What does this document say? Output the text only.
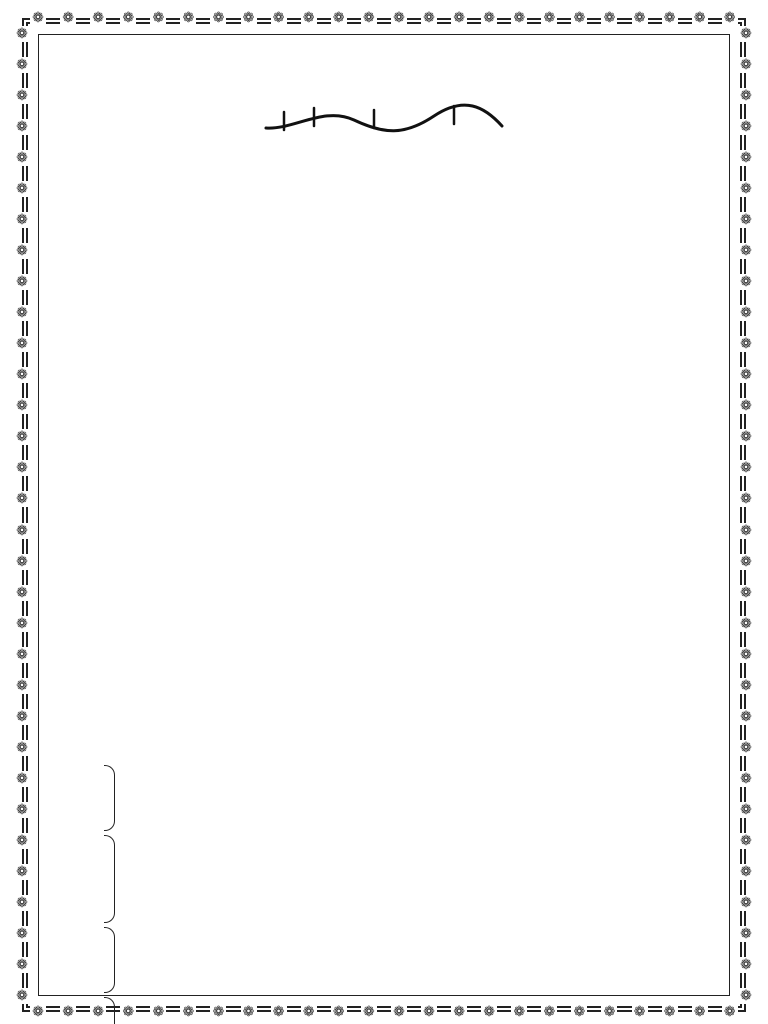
❁ ❁ ❁ ❁ ❁ ❁ ❁ ❁ ❁ ❁ ❁ ❁ ❁ ❁ ❁ ❁ ❁ ❁ ❁ ❁ ❁ ❁ ❁ ❁
❁ ❁ ❁ ❁ ❁ ❁ ❁ ❁ ❁ ❁ ❁ ❁ ❁ ❁ ❁ ❁ ❁ ❁ ❁ ❁ ❁ ❁ ❁ ❁
❁
❁
❁
❁
❁
❁
❁
❁
❁
❁
❁
❁
❁
❁
❁
❁
❁
❁
❁
❁
❁
❁
❁
❁
❁
❁
❁
❁
❁
❁
❁
❁
❁
❁
❁
❁
❁
❁
❁
❁
❁
❁
❁
❁
❁
❁
❁
❁
❁
❁
❁
❁
❁
❁
❁
❁
❁
❁
❁
❁
❁
❁
❁
❁
